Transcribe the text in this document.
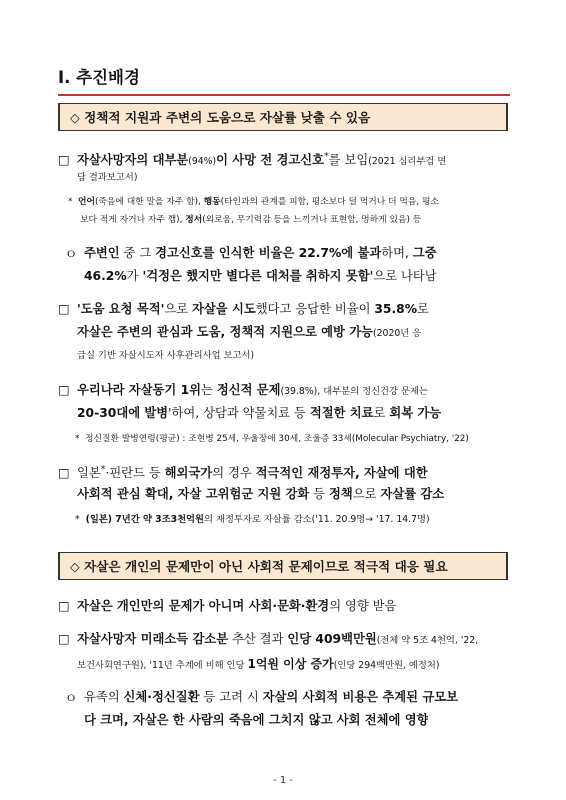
Ⅰ. 추진배경
◇ 정책적 지원과 주변의 도움으로 자살률 낮출 수 있음
□ 자살사망자의 대부분(94%)이 사망 전 경고신호*를 보임(2021 심리부검 면
담 결과보고서)
* 언어(죽음에 대한 말을 자주 함), 행동(타인과의 관계를 피함, 평소보다 덜 먹거나 더 먹음, 평소
보다 적게 자거나 자주 깸), 정서(외로움, 무기력감 등을 느끼거나 표현함, 멍하게 있음) 등
ｏ 주변인 중 그 경고신호를 인식한 비율은 22.7%에 불과하며, 그중
46.2%가 '걱정은 했지만 별다른 대처를 취하지 못함'으로 나타남
□ '도움 요청 목적'으로 자살을 시도했다고 응답한 비율이 35.8%로
자살은 주변의 관심과 도움, 정책적 지원으로 예방 가능(2020년 응
급실 기반 자살시도자 사후관리사업 보고서)
□ 우리나라 자살동기 1위는 정신적 문제(39.8%), 대부분의 정신건강 문제는
20-30대에 발병'하여, 상담과 약물치료 등 적절한 치료로 회복 가능
* 정신질환 발병연령(평균) : 조현병 25세, 우울장애 30세, 조울증 33세(Molecular Psychiatry, '22)
□ 일본*·핀란드 등 해외국가의 경우 적극적인 재정투자, 자살에 대한
사회적 관심 확대, 자살 고위험군 지원 강화 등 정책으로 자살률 감소
* (일본) 7년간 약 3조3천억원의 재정투자로 자살률 감소('11. 20.9명→ '17. 14.7명)
◇ 자살은 개인의 문제만이 아닌 사회적 문제이므로 적극적 대응 필요
□ 자살은 개인만의 문제가 아니며 사회·문화·환경의 영향 받음
□ 자살사망자 미래소득 감소분 추산 결과 인당 409백만원(전체 약 5조 4천억, '22,
보건사회연구원), '11년 추계에 비해 인당 1억원 이상 증가(인당 294백만원, 예정처)
ｏ 유족의 신체·정신질환 등 고려 시 자살의 사회적 비용은 추계된 규모보
다 크며, 자살은 한 사람의 죽음에 그치지 않고 사회 전체에 영향
- 1 -
